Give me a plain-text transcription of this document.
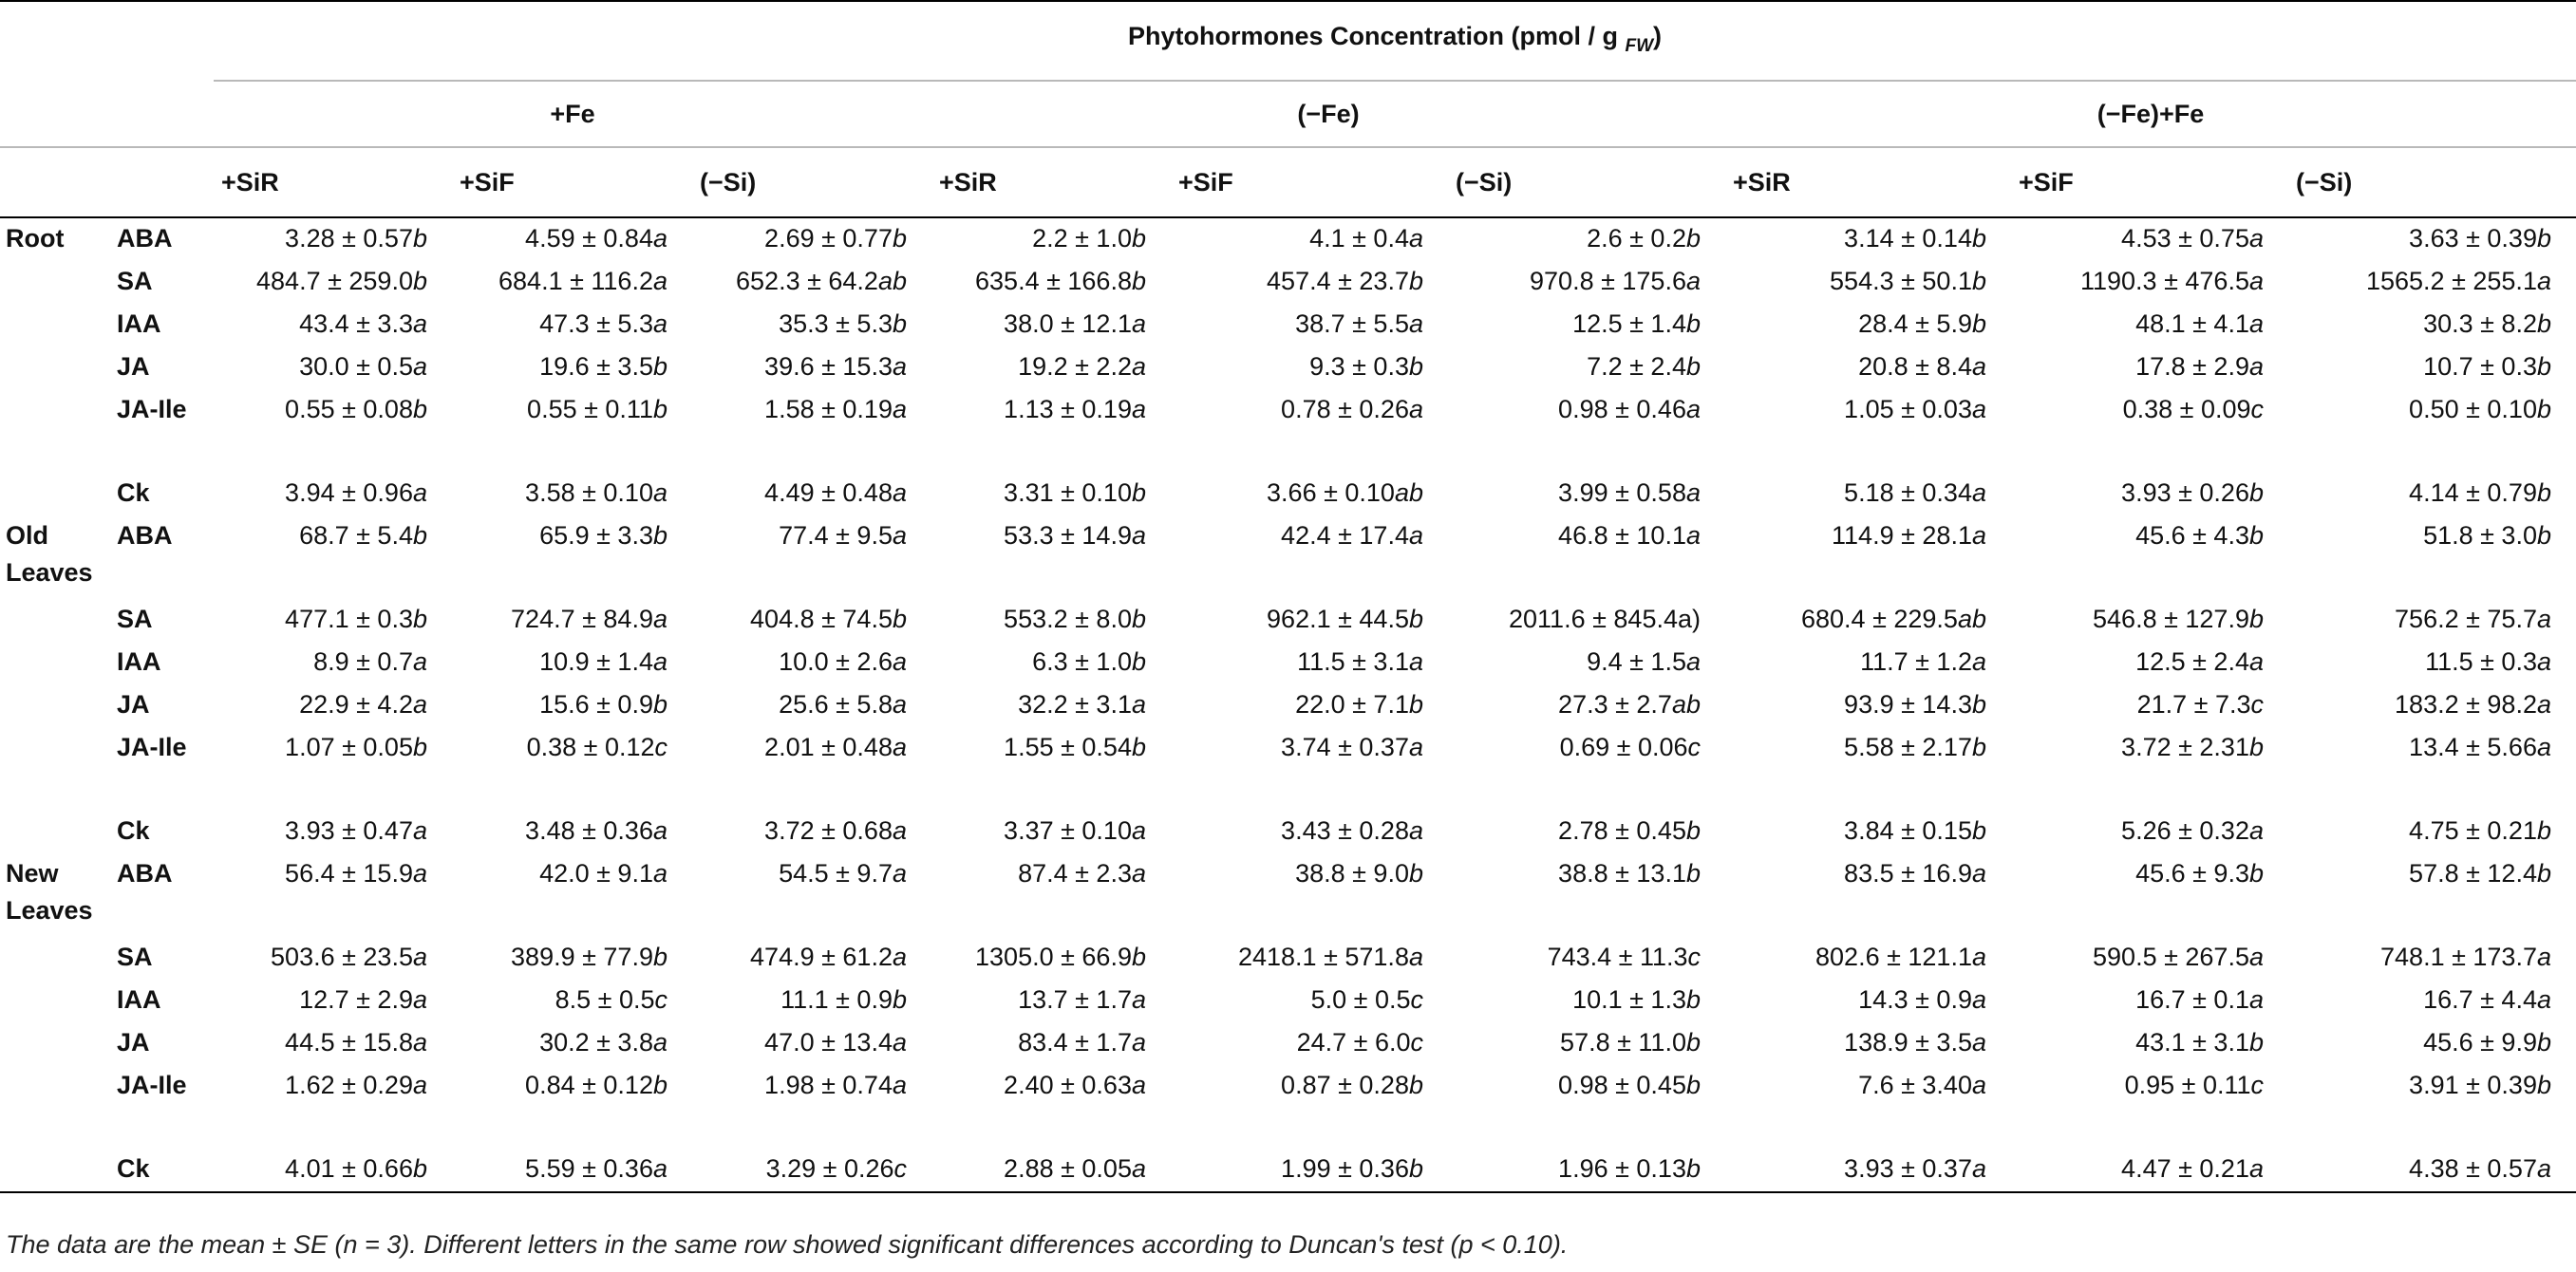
		Phytohormones Concentration (pmol / g $_{FW}$)								
		+Fe			(−Fe)			(−Fe)+Fe		
		+SiR	+SiF	(−Si)	+SiR	+SiF	(−Si)	+SiR	+SiF	(−Si)
Root	ABA	3.28 ± 0.57b	4.59 ± 0.84a	2.69 ± 0.77b	2.2 ± 1.0b	4.1 ± 0.4a	2.6 ± 0.2b	3.14 ± 0.14b	4.53 ± 0.75a	3.63 ± 0.39b
	SA	484.7 ± 259.0b	684.1 ± 116.2a	652.3 ± 64.2ab	635.4 ± 166.8b	457.4 ± 23.7b	970.8 ± 175.6a	554.3 ± 50.1b	1190.3 ± 476.5a	1565.2 ± 255.1a
	IAA	43.4 ± 3.3a	47.3 ± 5.3a	35.3 ± 5.3b	38.0 ± 12.1a	38.7 ± 5.5a	12.5 ± 1.4b	28.4 ± 5.9b	48.1 ± 4.1a	30.3 ± 8.2b
	JA	30.0 ± 0.5a	19.6 ± 3.5b	39.6 ± 15.3a	19.2 ± 2.2a	9.3 ± 0.3b	7.2 ± 2.4b	20.8 ± 8.4a	17.8 ± 2.9a	10.7 ± 0.3b
	JA-Ile	0.55 ± 0.08b	0.55 ± 0.11b	1.58 ± 0.19a	1.13 ± 0.19a	0.78 ± 0.26a	0.98 ± 0.46a	1.05 ± 0.03a	0.38 ± 0.09c	0.50 ± 0.10b
	Ck	3.94 ± 0.96a	3.58 ± 0.10a	4.49 ± 0.48a	3.31 ± 0.10b	3.66 ± 0.10ab	3.99 ± 0.58a	5.18 ± 0.34a	3.93 ± 0.26b	4.14 ± 0.79b
Old Leaves	ABA	68.7 ± 5.4b	65.9 ± 3.3b	77.4 ± 9.5a	53.3 ± 14.9a	42.4 ± 17.4a	46.8 ± 10.1a	114.9 ± 28.1a	45.6 ± 4.3b	51.8 ± 3.0b
	SA	477.1 ± 0.3b	724.7 ± 84.9a	404.8 ± 74.5b	553.2 ± 8.0b	962.1 ± 44.5b	2011.6 ± 845.4a)	680.4 ± 229.5ab	546.8 ± 127.9b	756.2 ± 75.7a
	IAA	8.9 ± 0.7a	10.9 ± 1.4a	10.0 ± 2.6a	6.3 ± 1.0b	11.5 ± 3.1a	9.4 ± 1.5a	11.7 ± 1.2a	12.5 ± 2.4a	11.5 ± 0.3a
	JA	22.9 ± 4.2a	15.6 ± 0.9b	25.6 ± 5.8a	32.2 ± 3.1a	22.0 ± 7.1b	27.3 ± 2.7ab	93.9 ± 14.3b	21.7 ± 7.3c	183.2 ± 98.2a
	JA-Ile	1.07 ± 0.05b	0.38 ± 0.12c	2.01 ± 0.48a	1.55 ± 0.54b	3.74 ± 0.37a	0.69 ± 0.06c	5.58 ± 2.17b	3.72 ± 2.31b	13.4 ± 5.66a
	Ck	3.93 ± 0.47a	3.48 ± 0.36a	3.72 ± 0.68a	3.37 ± 0.10a	3.43 ± 0.28a	2.78 ± 0.45b	3.84 ± 0.15b	5.26 ± 0.32a	4.75 ± 0.21b
New Leaves	ABA	56.4 ± 15.9a	42.0 ± 9.1a	54.5 ± 9.7a	87.4 ± 2.3a	38.8 ± 9.0b	38.8 ± 13.1b	83.5 ± 16.9a	45.6 ± 9.3b	57.8 ± 12.4b
	SA	503.6 ± 23.5a	389.9 ± 77.9b	474.9 ± 61.2a	1305.0 ± 66.9b	2418.1 ± 571.8a	743.4 ± 11.3c	802.6 ± 121.1a	590.5 ± 267.5a	748.1 ± 173.7a
	IAA	12.7 ± 2.9a	8.5 ± 0.5c	11.1 ± 0.9b	13.7 ± 1.7a	5.0 ± 0.5c	10.1 ± 1.3b	14.3 ± 0.9a	16.7 ± 0.1a	16.7 ± 4.4a
	JA	44.5 ± 15.8a	30.2 ± 3.8a	47.0 ± 13.4a	83.4 ± 1.7a	24.7 ± 6.0c	57.8 ± 11.0b	138.9 ± 3.5a	43.1 ± 3.1b	45.6 ± 9.9b
	JA-Ile	1.62 ± 0.29a	0.84 ± 0.12b	1.98 ± 0.74a	2.40 ± 0.63a	0.87 ± 0.28b	0.98 ± 0.45b	7.6 ± 3.40a	0.95 ± 0.11c	3.91 ± 0.39b
	Ck	4.01 ± 0.66b	5.59 ± 0.36a	3.29 ± 0.26c	2.88 ± 0.05a	1.99 ± 0.36b	1.96 ± 0.13b	3.93 ± 0.37a	4.47 ± 0.21a	4.38 ± 0.57a
The data are the mean ± SE (n = 3). Different letters in the same row showed significant differences according to Duncan's test (p < 0.10).
